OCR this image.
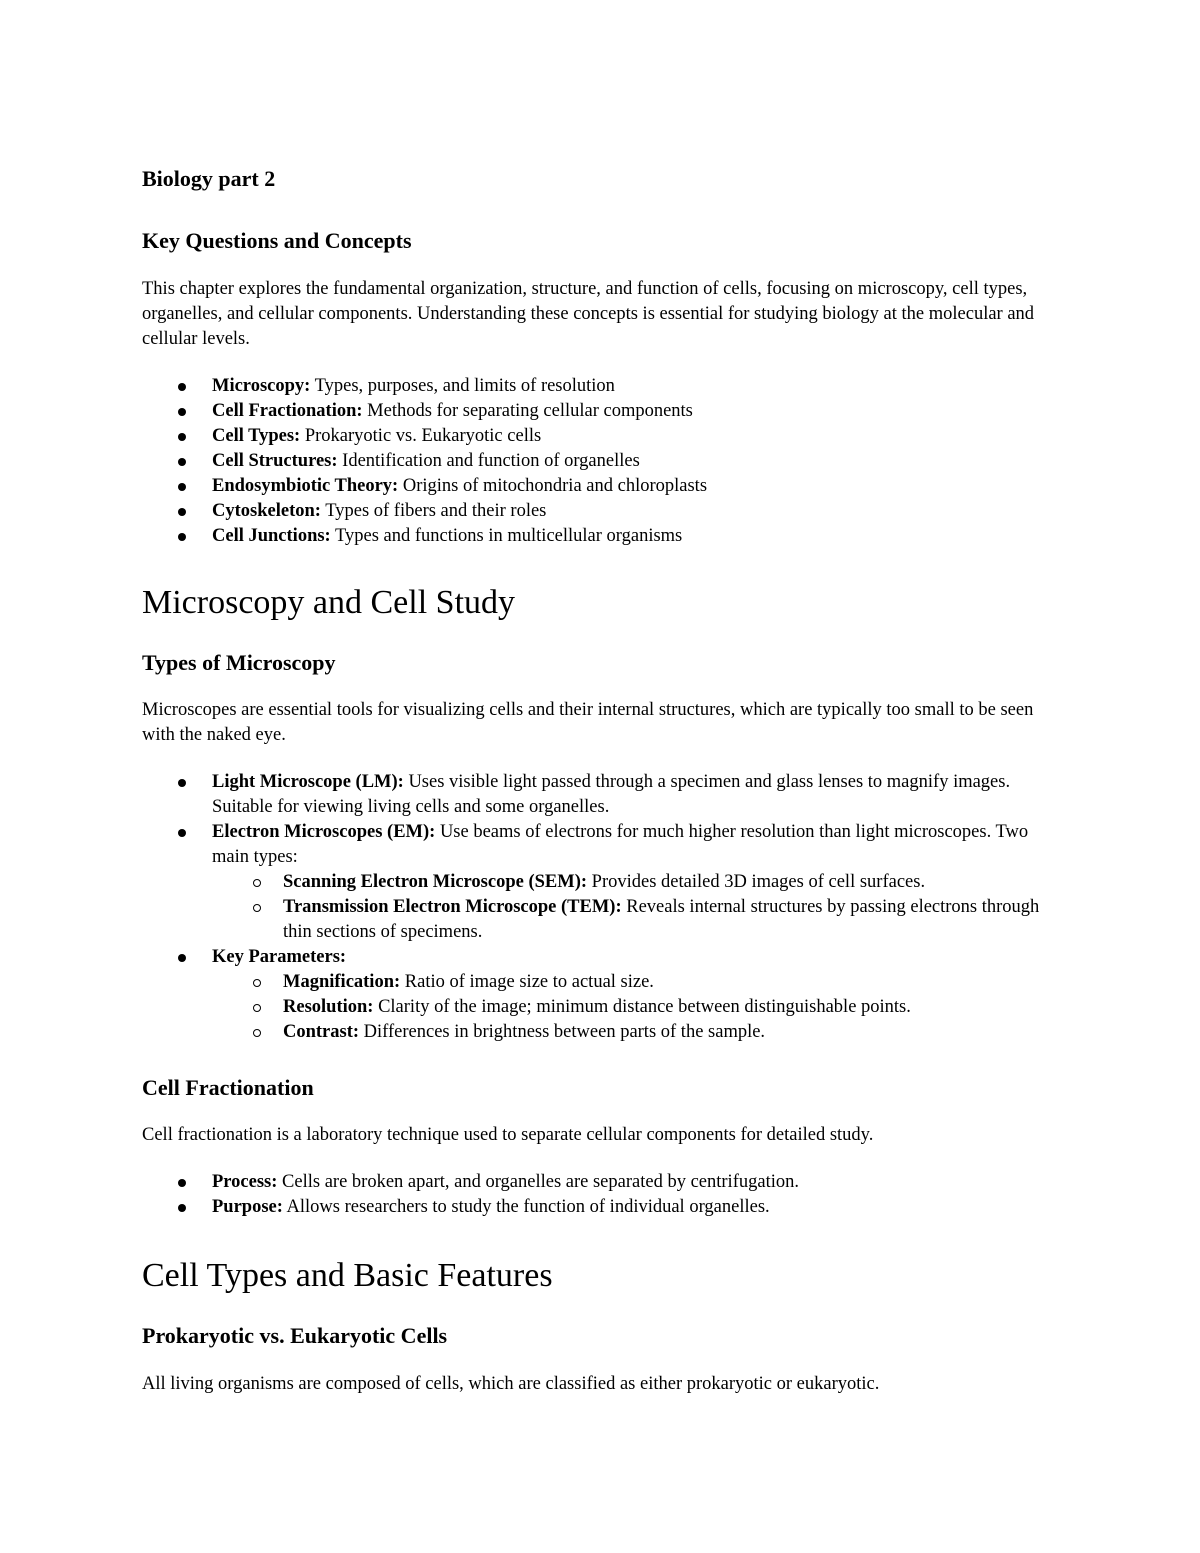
Biology part 2
Key Questions and Concepts

This chapter explores the fundamental organization, structure, and function of cells, focusing on microscopy, cell types, organelles, and cellular components. Understanding these concepts is essential for studying biology at the molecular and cellular levels.

Microscopy: Types, purposes, and limits of resolution
Cell Fractionation: Methods for separating cellular components
Cell Types: Prokaryotic vs. Eukaryotic cells
Cell Structures: Identification and function of organelles
Endosymbiotic Theory: Origins of mitochondria and chloroplasts
Cytoskeleton: Types of fibers and their roles
Cell Junctions: Types and functions in multicellular organisms
Microscopy and Cell Study
Types of Microscopy

Microscopes are essential tools for visualizing cells and their internal structures, which are typically too small to be seen with the naked eye.

Light Microscope (LM): Uses visible light passed through a specimen and glass lenses to magnify images. Suitable for viewing living cells and some organelles.
Electron Microscopes (EM): Use beams of electrons for much higher resolution than light microscopes. Two main types:
Scanning Electron Microscope (SEM): Provides detailed 3D images of cell surfaces.
Transmission Electron Microscope (TEM): Reveals internal structures by passing electrons through thin sections of specimens.
Key Parameters:
Magnification: Ratio of image size to actual size.
Resolution: Clarity of the image; minimum distance between distinguishable points.
Contrast: Differences in brightness between parts of the sample.
Cell Fractionation

Cell fractionation is a laboratory technique used to separate cellular components for detailed study.

Process: Cells are broken apart, and organelles are separated by centrifugation.
Purpose: Allows researchers to study the function of individual organelles.
Cell Types and Basic Features
Prokaryotic vs. Eukaryotic Cells

All living organisms are composed of cells, which are classified as either prokaryotic or eukaryotic.
